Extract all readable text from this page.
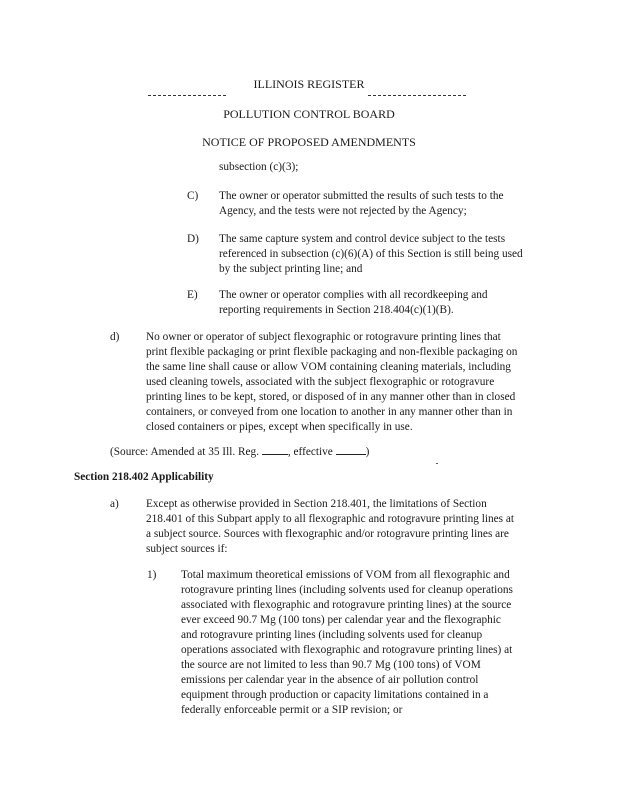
ILLINOIS REGISTER
POLLUTION CONTROL BOARD
NOTICE OF PROPOSED AMENDMENTS
subsection (c)(3);
C) The owner or operator submitted the results of such tests to the
Agency, and the tests were not rejected by the Agency;
D) The same capture system and control device subject to the tests
referenced in subsection (c)(6)(A) of this Section is still being used
by the subject printing line; and
E) The owner or operator complies with all recordkeeping and
reporting requirements in Section 218.404(c)(1)(B).
d) No owner or operator of subject flexographic or rotogravure printing lines that
print flexible packaging or print flexible packaging and non-flexible packaging on
the same line shall cause or allow VOM containing cleaning materials, including
used cleaning towels, associated with the subject flexographic or rotogravure
printing lines to be kept, stored, or disposed of in any manner other than in closed
containers, or conveyed from one location to another in any manner other than in
closed containers or pipes, except when specifically in use.
(Source: Amended at 35 Ill. Reg. , effective	)
Section 218.402 Applicability
a) Except as otherwise provided in Section 218.401, the limitations of Section
218.401 of this Subpart apply to all flexographic and rotogravure printing lines at
a subject source. Sources with flexographic and/or rotogravure printing lines are
subject sources if:
1) Total maximum theoretical emissions of VOM from all flexographic and
rotogravure printing lines (including solvents used for cleanup operations
associated with flexographic and rotogravure printing lines) at the source
ever exceed 90.7 Mg (100 tons) per calendar year and the flexographic
and rotogravure printing lines (including solvents used for cleanup
operations associated with flexographic and rotogravure printing lines) at
the source are not limited to less than 90.7 Mg (100 tons) of VOM
emissions per calendar year in the absence of air pollution control
equipment through production or capacity limitations contained in a
federally enforceable permit or a SIP revision; or
